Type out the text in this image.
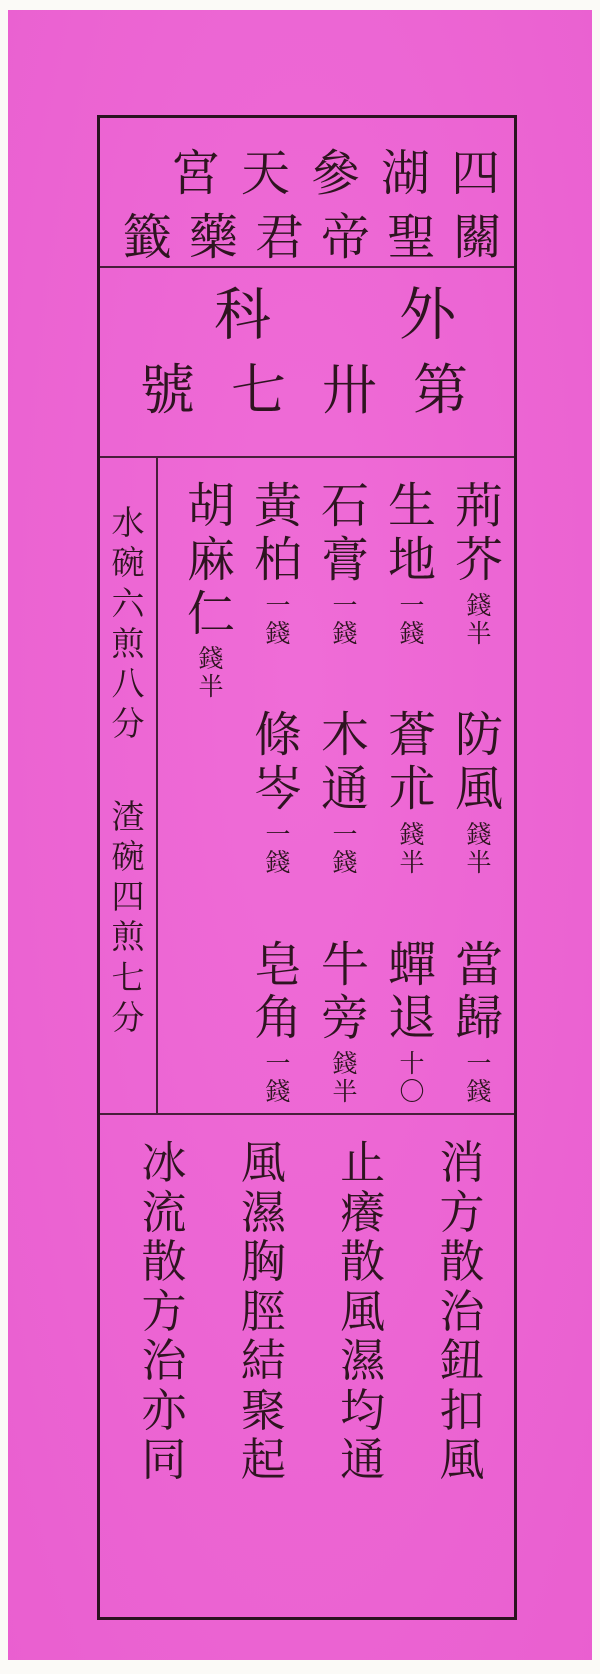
四
湖
參
天
宮
關
聖
帝
君
藥
籤
外
科
第
卅
七
號
水
碗
六
煎
八
分
渣
碗
四
煎
七
分
荊
芥
錢
半
防
風
錢
半
當
歸
一
錢
生
地
一
錢
蒼
朮
錢
半
蟬
退
十
〇
石
膏
一
錢
木
通
一
錢
牛
旁
錢
半
黃
柏
一
錢
條
岑
一
錢
皂
角
一
錢
胡
麻
仁
錢
半
消
方
散
治
鈕
扣
風
止
癢
散
風
濕
均
通
風
濕
胸
脛
結
聚
起
冰
流
散
方
治
亦
同
